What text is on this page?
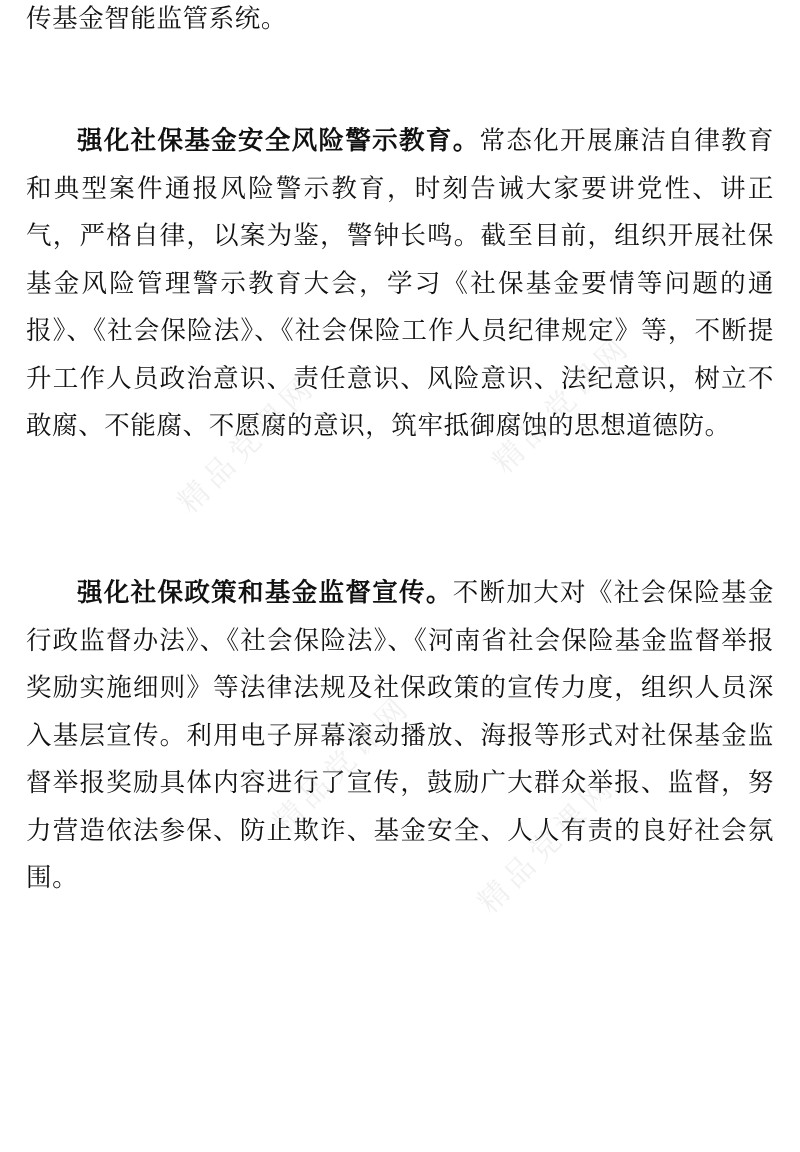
传基金智能监管系统。

强化社保基金安全风险警示教育。常态化开展廉洁自律教育和典型案件通报风险警示教育，时刻告诫大家要讲党性、讲正气，严格自律，以案为鉴，警钟长鸣。截至目前，组织开展社保基金风险管理警示教育大会，学习《社保基金要情等问题的通报》、《社会保险法》、《社会保险工作人员纪律规定》等，不断提升工作人员政治意识、责任意识、风险意识、法纪意识，树立不敢腐、不能腐、不愿腐的意识，筑牢抵御腐蚀的思想道德防。

强化社保政策和基金监督宣传。不断加大对《社会保险基金行政监督办法》、《社会保险法》、《河南省社会保险基金监督举报奖励实施细则》等法律法规及社保政策的宣传力度，组织人员深入基层宣传。利用电子屏幕滚动播放、海报等形式对社保基金监督举报奖励具体内容进行了宣传，鼓励广大群众举报、监督，努力营造依法参保、防止欺诈、基金安全、人人有责的良好社会氛围。

精品党课网	精品党课网
精品党课网
精品党课网
